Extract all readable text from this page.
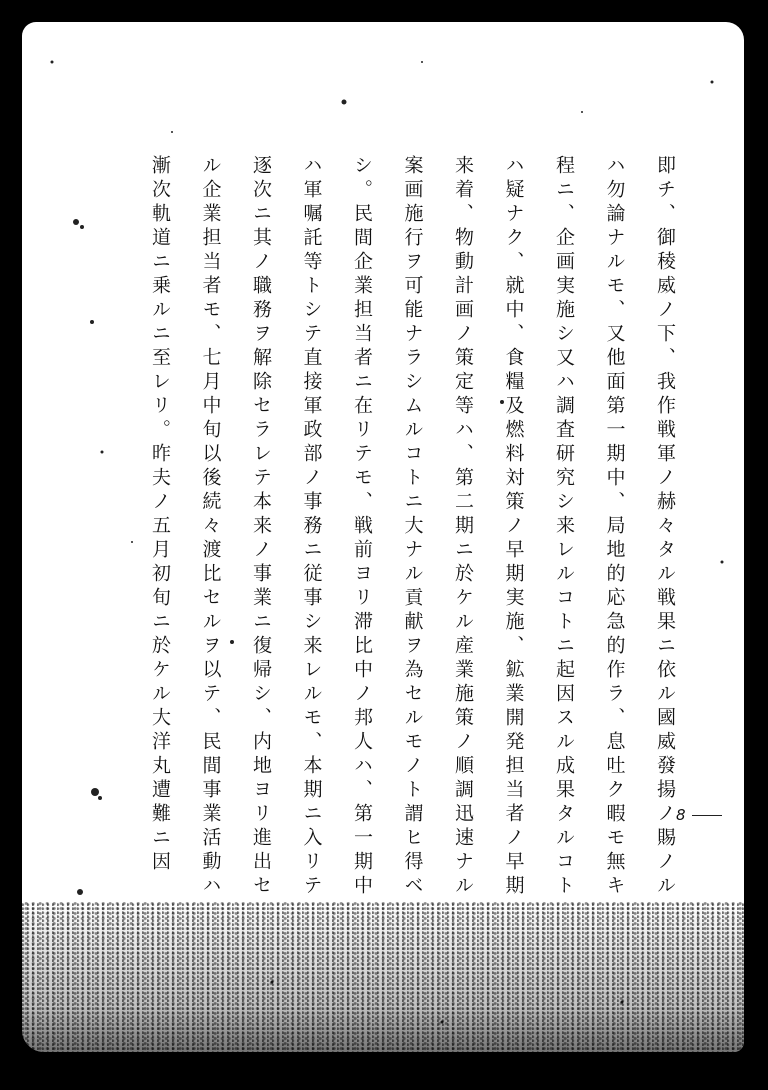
即チ、御稜威ノ下、我作戦軍ノ赫々タル戦果ニ依ル國威發揚ノ賜ノル
ハ勿論ナルモ、又他面第一期中、局地的応急的作ラ、息吐ク暇モ無キ
程ニ、企画実施シ又ハ調査研究シ来レルコトニ起因スル成果タルコト
ハ疑ナク、就中、食糧及燃料対策ノ早期実施、鉱業開発担当者ノ早期
来着、物動計画ノ策定等ハ、第二期ニ於ケル産業施策ノ順調迅速ナル
案画施行ヲ可能ナラシムルコトニ大ナル貢献ヲ為セルモノト謂ヒ得ベ
シ。民間企業担当者ニ在リテモ、戦前ヨリ滞比中ノ邦人ハ、第一期中
ハ軍嘱託等トシテ直接軍政部ノ事務ニ従事シ来レルモ、本期ニ入リテ
逐次ニ其ノ職務ヲ解除セラレテ本来ノ事業ニ復帰シ、内地ヨリ進出セ
ル企業担当者モ、七月中旬以後続々渡比セルヲ以テ、民間事業活動ハ
漸次軌道ニ乗ルニ至レリ。昨夫ノ五月初旬ニ於ケル大洋丸遭難ニ因	8
